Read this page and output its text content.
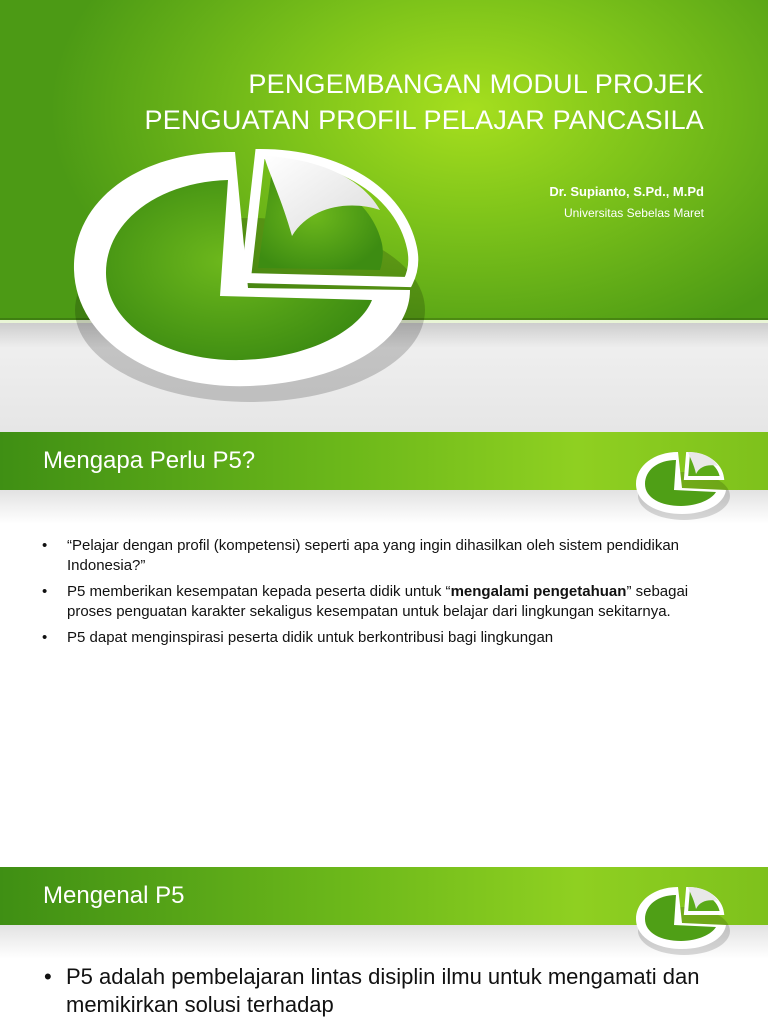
PENGEMBANGAN MODUL PROJEK
PENGUATAN PROFIL PELAJAR PANCASILA
Dr. Supianto, S.Pd., M.Pd
Universitas Sebelas Maret
Mengapa Perlu P5?
• “Pelajar dengan profil (kompetensi) seperti apa yang ingin dihasilkan oleh sistem pendidikan Indonesia?”
• P5 memberikan kesempatan kepada peserta didik untuk “mengalami pengetahuan” sebagai proses penguatan karakter sekaligus kesempatan untuk belajar dari lingkungan sekitarnya.
• P5 dapat menginspirasi peserta didik untuk berkontribusi bagi lingkungan
Mengenal P5
• P5 adalah pembelajaran lintas disiplin ilmu untuk mengamati dan memikirkan solusi terhadap
